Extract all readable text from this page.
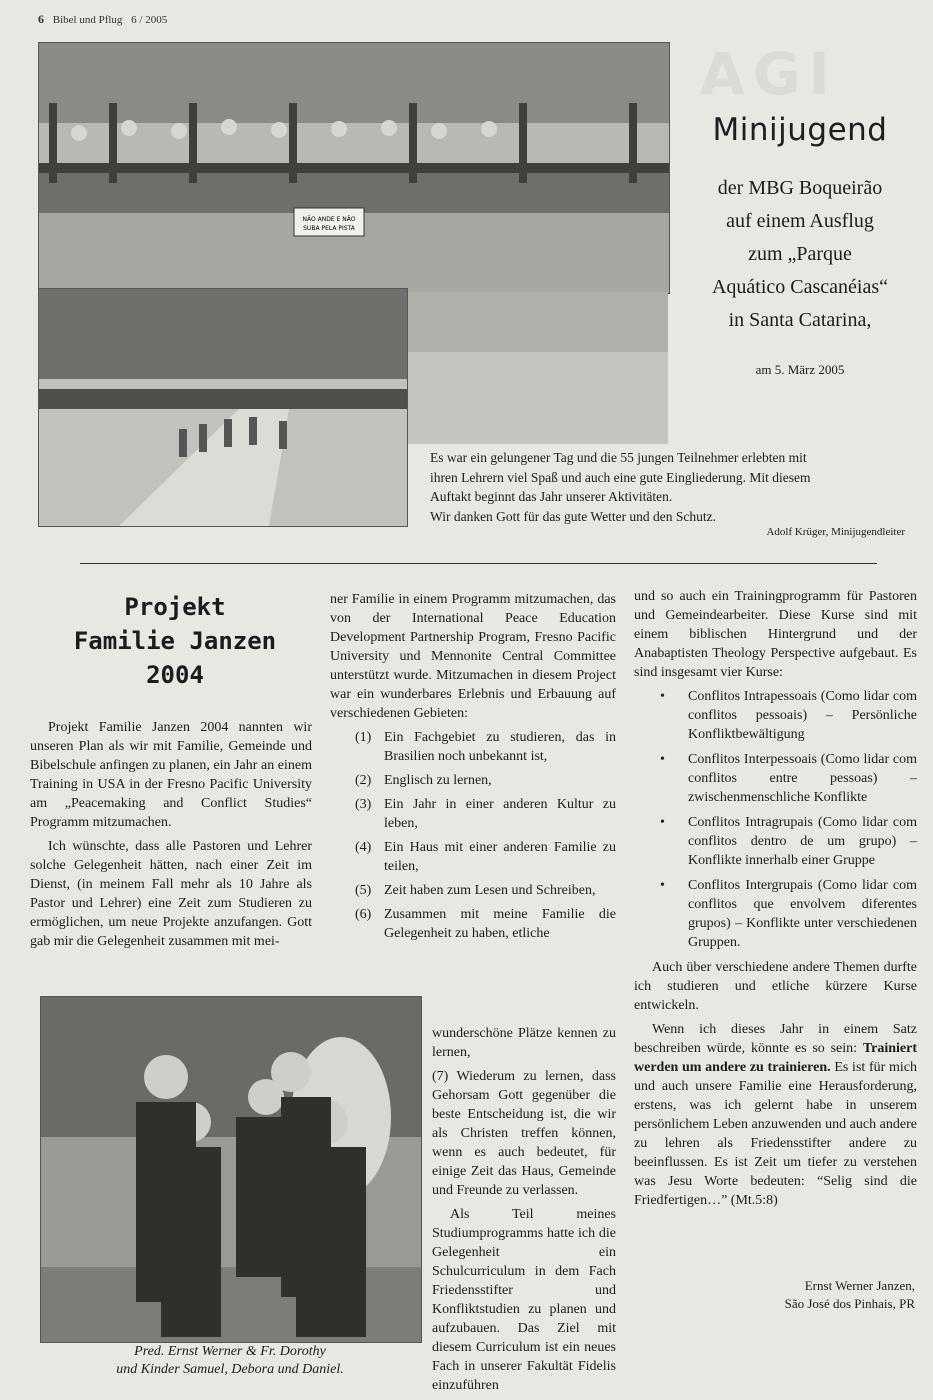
AGI
6 Bibel und Pflug 6 / 2005
NÃO ANDE E NÃO
SUBA PELA PISTA
Minijugend
der MBG Boqueirão
auf einem Ausflug
zum „Parque
Aquático Cascanéias“
in Santa Catarina,
am 5. März 2005
Es war ein gelungener Tag und die 55 jungen Teilnehmer erlebten mit
ihren Lehrern viel Spaß und auch eine gute Eingliederung. Mit diesem
Auftakt beginnt das Jahr unserer Aktivitäten.
Wir danken Gott für das gute Wetter und den Schutz.
Adolf Krüger, Minijugendleiter
Projekt
Familie Janzen
2004

Projekt Familie Janzen 2004 nannten wir unseren Plan als wir mit Familie, Gemeinde und Bibelschule anfingen zu planen, ein Jahr an einem Training in USA in der Fresno Pacific University am „Peacemaking and Conflict Studies“ Programm mitzumachen.

Ich wünschte, dass alle Pastoren und Lehrer solche Gelegenheit hätten, nach einer Zeit im Dienst, (in meinem Fall mehr als 10 Jahre als Pastor und Lehrer) eine Zeit zum Studieren zu ermöglichen, um neue Projekte anzufangen. Gott gab mir die Gelegenheit zusammen mit mei-

Pred. Ernst Werner & Fr. Dorothy
und Kinder Samuel, Debora und Daniel.

ner Familie in einem Programm mitzumachen, das von der International Peace Education Development Partnership Program, Fresno Pacific University und Mennonite Central Committee unterstützt wurde. Mitzumachen in diesem Project war ein wunderbares Erlebnis und Erbauung auf verschiedenen Gebieten:

(1) Ein Fachgebiet zu studieren, das in Brasilien noch unbekannt ist,
(2) Englisch zu lernen,
(3) Ein Jahr in einer anderen Kultur zu leben,
(4) Ein Haus mit einer anderen Familie zu teilen,
(5) Zeit haben zum Lesen und Schreiben,
(6) Zusammen mit meine Familie die Gelegenheit zu haben, etliche

wunderschöne Plätze kennen zu lernen,

(7) Wiederum zu lernen, dass Gehorsam Gott gegenüber die beste Entscheidung ist, die wir als Christen treffen können, wenn es auch bedeutet, für einige Zeit das Haus, Gemeinde und Freunde zu verlassen.

Als Teil meines Studiumprogramms hatte ich die Gelegenheit ein Schulcurriculum in dem Fach Friedensstifter und Konfliktstudien zu planen und aufzubauen. Das Ziel mit diesem Curriculum ist ein neues Fach in unserer Fakultät Fidelis einzuführen

und so auch ein Trainingprogramm für Pastoren und Gemeindearbeiter. Diese Kurse sind mit einem biblischen Hintergrund und der Anabaptisten Theology Perspective aufgebaut. Es sind insgesamt vier Kurse:

• Conflitos Intrapessoais (Como lidar com conflitos pessoais) – Persönliche Konfliktbewältigung
• Conflitos Interpessoais (Como lidar com conflitos entre pessoas) – zwischenmenschliche Konflikte
• Conflitos Intragrupais (Como lidar com conflitos dentro de um grupo) – Konflikte innerhalb einer Gruppe
• Conflitos Intergrupais (Como lidar com conflitos que envolvem diferentes grupos) – Konflikte unter verschiedenen Gruppen.

Auch über verschiedene andere Themen durfte ich studieren und etliche kürzere Kurse entwickeln.

Wenn ich dieses Jahr in einem Satz beschreiben würde, könnte es so sein: Trainiert werden um andere zu trainieren. Es ist für mich und auch unsere Familie eine Herausforderung, erstens, was ich gelernt habe in unserem persönlichem Leben anzuwenden und auch andere zu lehren als Friedensstifter andere zu beeinflussen. Es ist Zeit um tiefer zu verstehen was Jesu Worte bedeuten: “Selig sind die Friedfertigen…” (Mt.5:8)

Ernst Werner Janzen,
São José dos Pinhais, PR
